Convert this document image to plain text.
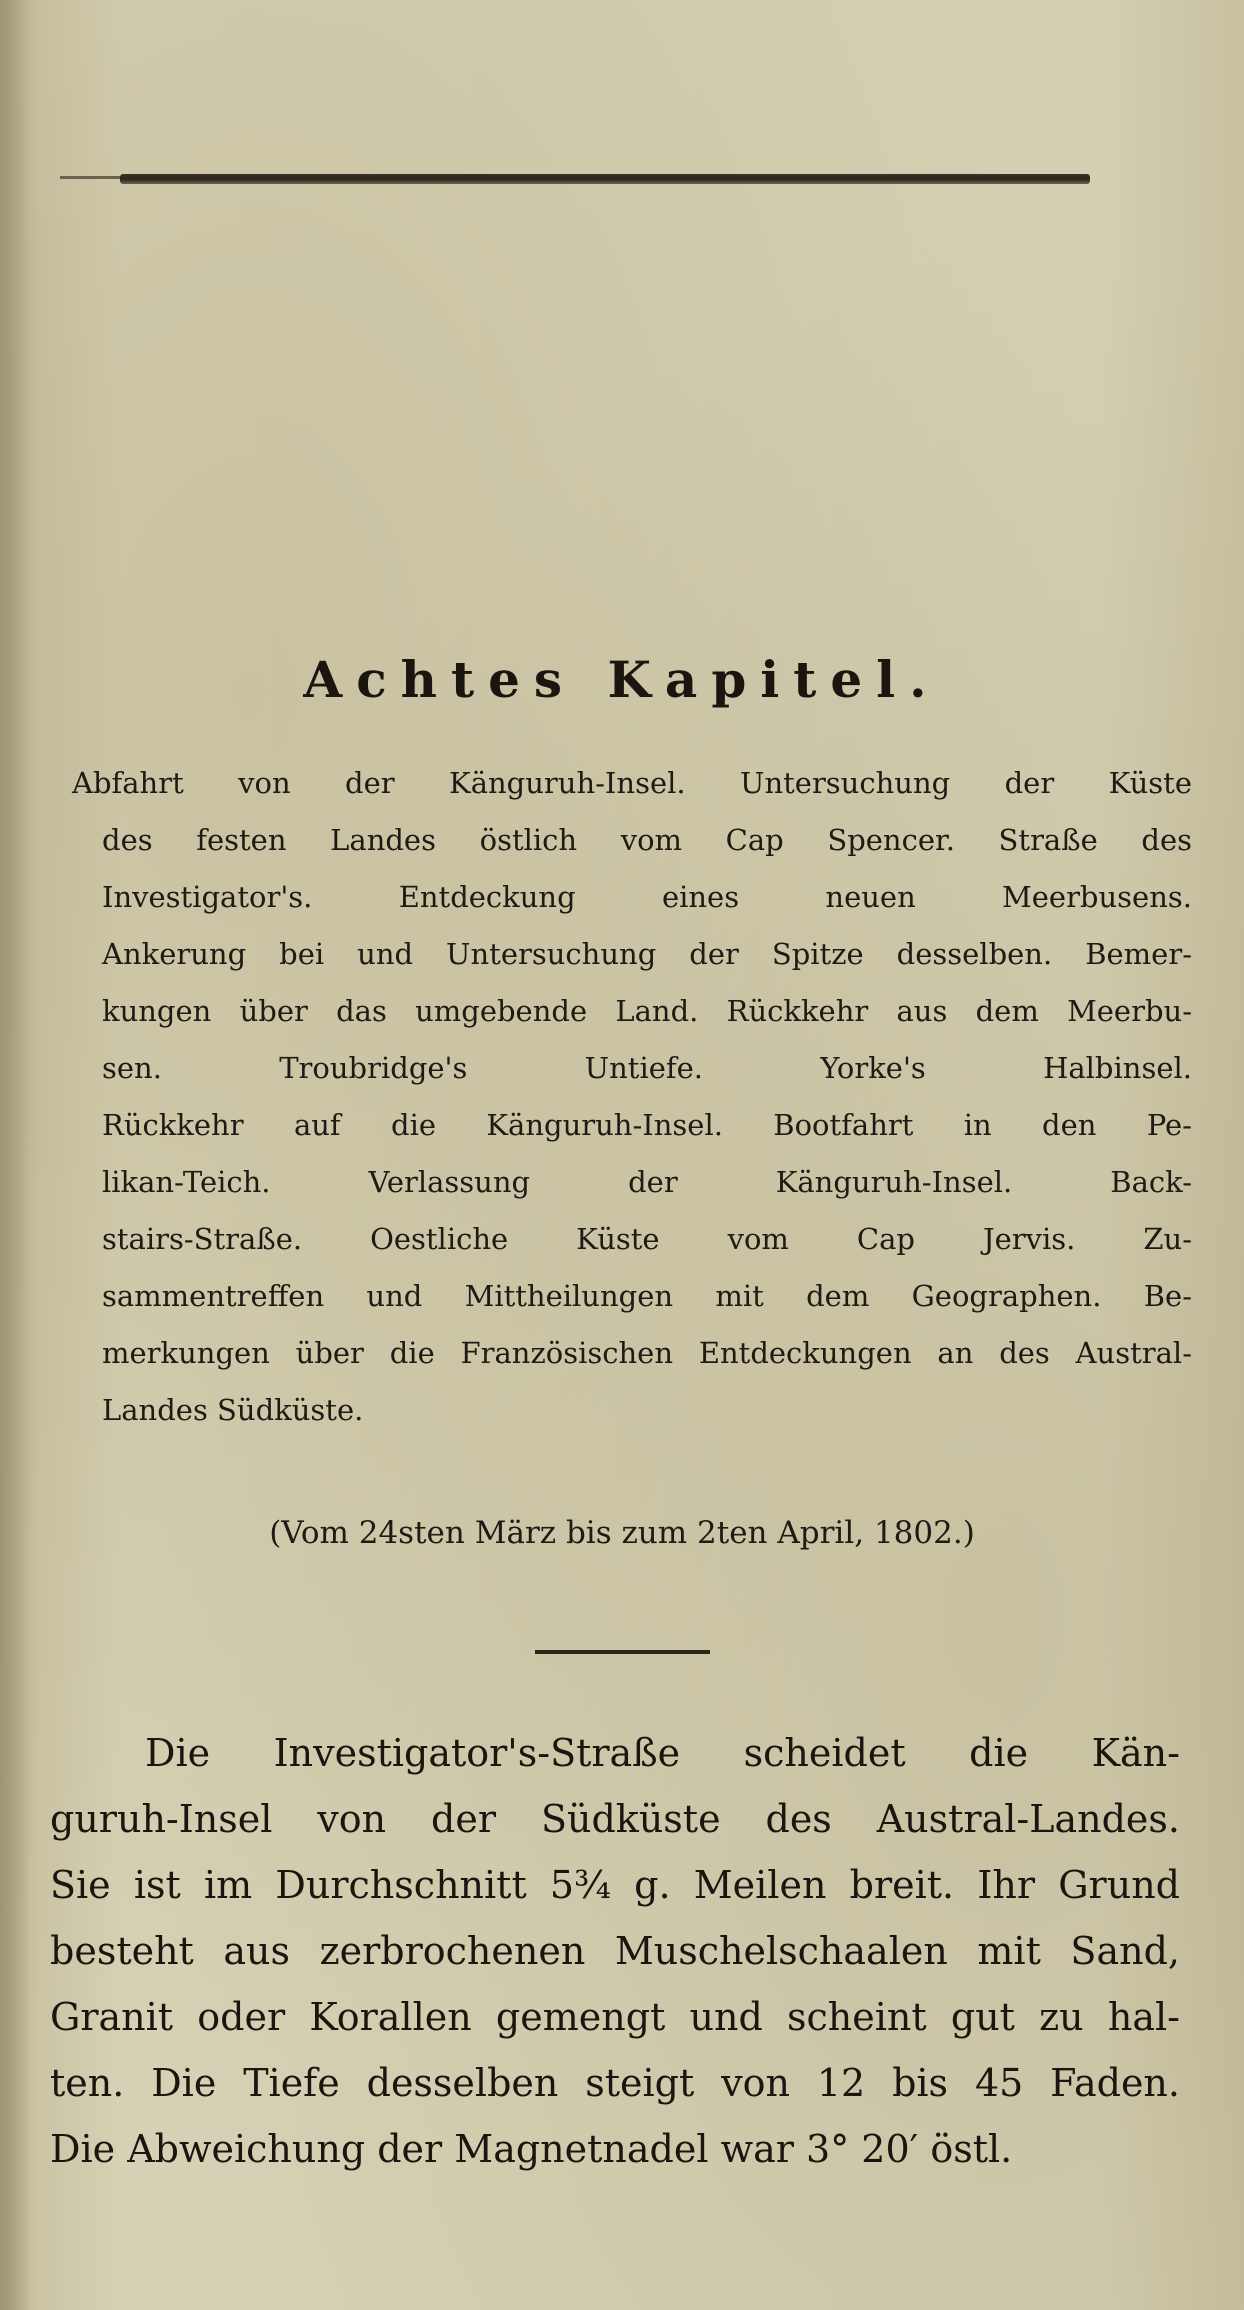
Achtes Kapitel.
Abfahrt von der Känguruh-Insel. Untersuchung der Küste
des festen Landes östlich vom Cap Spencer. Straße des
Investigator's. Entdeckung eines neuen Meerbusens.
Ankerung bei und Untersuchung der Spitze desselben. Bemer-
kungen über das umgebende Land. Rückkehr aus dem Meerbu-
sen. Troubridge's Untiefe. Yorke's Halbinsel.
Rückkehr auf die Känguruh-Insel. Bootfahrt in den Pe-
likan-Teich. Verlassung der Känguruh-Insel. Back-
stairs-Straße. Oestliche Küste vom Cap Jervis. Zu-
sammentreffen und Mittheilungen mit dem Geographen. Be-
merkungen über die Französischen Entdeckungen an des Austral-
Landes Südküste.
(Vom 24sten März bis zum 2ten April, 1802.)
Die Investigator's-Straße scheidet die Kän-
guruh-Insel von der Südküste des Austral-Landes.
Sie ist im Durchschnitt 5¾ g. Meilen breit. Ihr Grund
besteht aus zerbrochenen Muschelschaalen mit Sand,
Granit oder Korallen gemengt und scheint gut zu hal-
ten. Die Tiefe desselben steigt von 12 bis 45 Faden.
Die Abweichung der Magnetnadel war 3° 20′ östl.
